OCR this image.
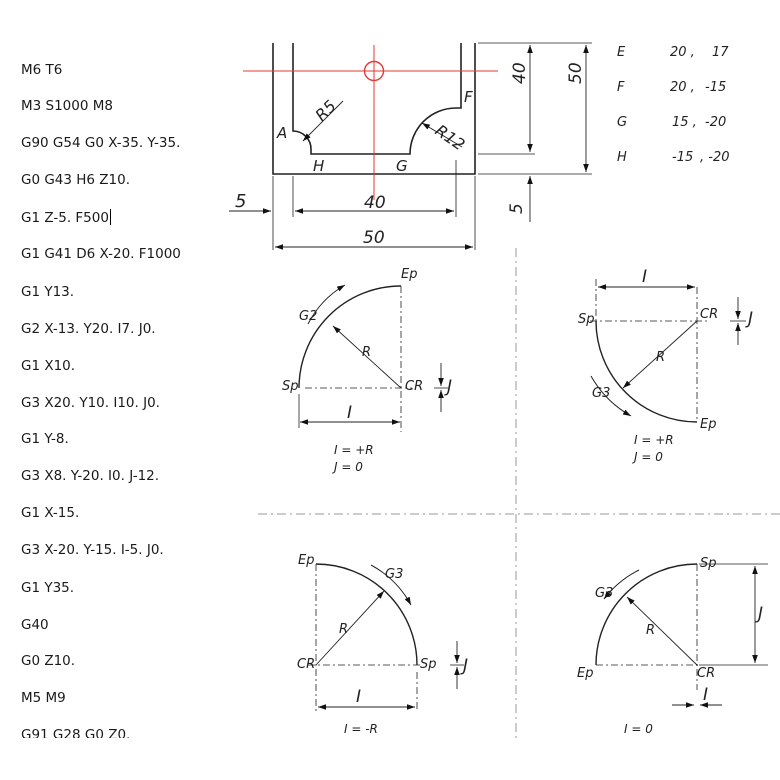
M6 T6
M3 S1000 M8
G90 G54 G0 X-35. Y-35.
G0 G43 H6 Z10.
G1 Z-5. F500
G1 G41 D6 X-20. F1000
G1 Y13.
G2 X-13. Y20. I7. J0.
G1 X10.
G3 X20. Y10. I10. J0.
G1 Y-8.
G3 X8. Y-20. I0. J-12.
G1 X-15.
G3 X-20. Y-15. I-5. J0.
G1 Y35.
G40
G0 Z10.
M5 M9
G91 G28 G0 Z0.
5	40
50
40 50
5
R5
R12
A
H	G
F
E	20 , 17
F	20 , -15
G	15 , -20
H	-15 , -20
Ep
G2
R
Sp	CR J
I
I = +R
J = 0
I
Sp	CR J
R
G3
Ep
I = +R
J = 0
Ep
G3
R
CR	Sp J
I
I = -R
Sp
G3
J
R
Ep	CR
I
I = 0
